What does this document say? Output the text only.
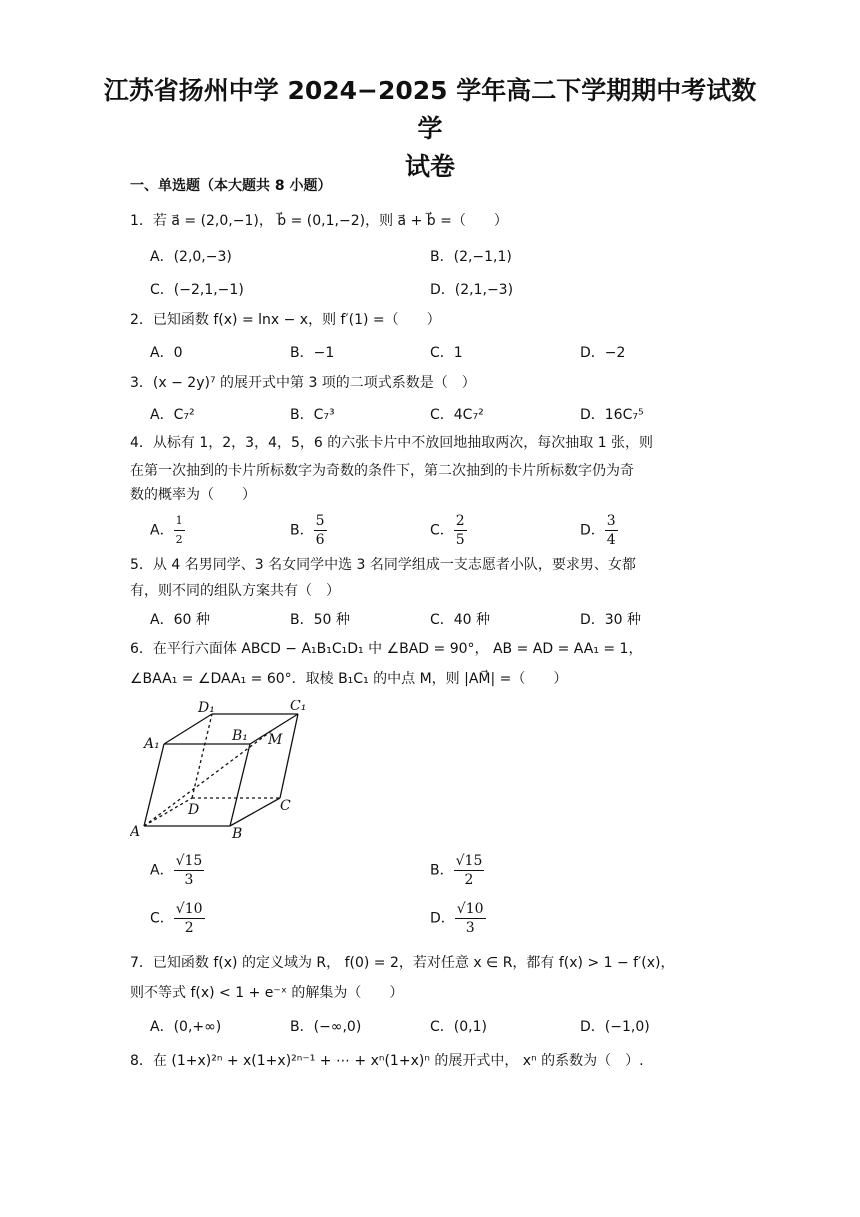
江苏省扬州中学 2024−2025 学年高二下学期期中考试数学
试卷
一、单选题（本大题共 8 小题）
1．若 a⃗ = (2,0,−1)， b⃗ = (0,1,−2)，则 a⃗ + b⃗ =（　　）
A．(2,0,−3)	B．(2,−1,1)
C．(−2,1,−1)	D．(2,1,−3)
2．已知函数 f(x) = lnx − x，则 f′(1) =（　　）
A．0	B．−1	C．1	D．−2
3．(x − 2y)⁷ 的展开式中第 3 项的二项式系数是（　）
A．C₇²	B．C₇³	C．4C₇²	D．16C₇⁵
4．从标有 1，2，3，4，5，6 的六张卡片中不放回地抽取两次，每次抽取 1 张，则
在第一次抽到的卡片所标数字为奇数的条件下，第二次抽到的卡片所标数字仍为奇
数的概率为（　　）
A． $\frac{1}{2}$	B． $\frac{5}{6}$	C． $\frac{2}{5}$	D． $\frac{3}{4}$
5．从 4 名男同学、3 名女同学中选 3 名同学组成一支志愿者小队，要求男、女都
有，则不同的组队方案共有（　）
A．60 种	B．50 种	C．40 种	D．30 种
6．在平行六面体 ABCD − A₁B₁C₁D₁ 中 ∠BAD = 90°， AB = AD = AA₁ = 1，
∠BAA₁ = ∠DAA₁ = 60°．取棱 B₁C₁ 的中点 M，则 |AM⃗| =（　　）
D₁	C₁
A₁	B₁ M
D	C
A	B
A． $\frac{√15}{3}$	B． $\frac{√15}{2}$
C． $\frac{√10}{2}$	D． $\frac{√10}{3}$
7．已知函数 f(x) 的定义域为 R， f(0) = 2，若对任意 x ∈ R，都有 f(x) > 1 − f′(x)，
则不等式 f(x) < 1 + e⁻ˣ 的解集为（　　）
A．(0,+∞)	B．(−∞,0)	C．(0,1)	D．(−1,0)
8．在 (1+x)²ⁿ + x(1+x)²ⁿ⁻¹ + ⋯ + xⁿ(1+x)ⁿ 的展开式中， xⁿ 的系数为（　）.
